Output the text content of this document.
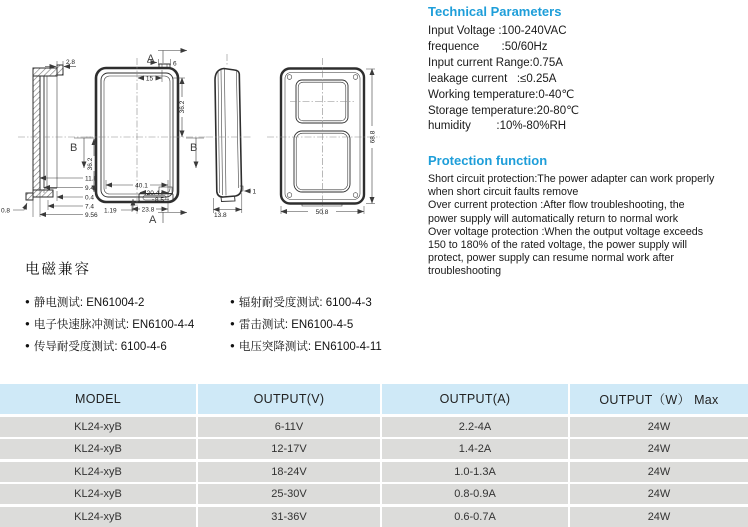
2.8
11.8
9.4
0.4
7.4
9.56
0.8
A	6
15
36.2
B	B
36.2
40.1
20.4
8.5
23.8
1.19
A
1
13.8
68.8
50.8
Technical Parameters
Input Voltage :100-240VAC
frequence       :50/60Hz
Input current Range:0.75A
leakage current   :≤0.25A
Working temperature:0-40℃
Storage temperature:20-80℃
humidity        :10%-80%RH
Protection function
Short circuit protection:The power adapter can work properly
when short circuit faults remove
Over current protection :After flow troubleshooting, the
power supply will automatically return to normal work
Over voltage protection :When the output voltage exceeds
150 to 180% of the rated voltage, the power supply will
protect, power supply can resume normal work after
troubleshooting
电磁兼容
● 静电测试: EN61004-2
● 电子快速脉冲测试: EN6100-4-4
● 传导耐受度测试: 6100-4-6
● 辐射耐受度测试: 6100-4-3
● 雷击测试: EN6100-4-5
● 电压突降测试: EN6100-4-11
MODEL	OUTPUT(V)	OUTPUT(A)	OUTPUT（W） Max
KL24-xyB	6-11V	2.2-4A	24W
KL24-xyB	12-17V	1.4-2A	24W
KL24-xyB	18-24V	1.0-1.3A	24W
KL24-xyB	25-30V	0.8-0.9A	24W
KL24-xyB	31-36V	0.6-0.7A	24W
